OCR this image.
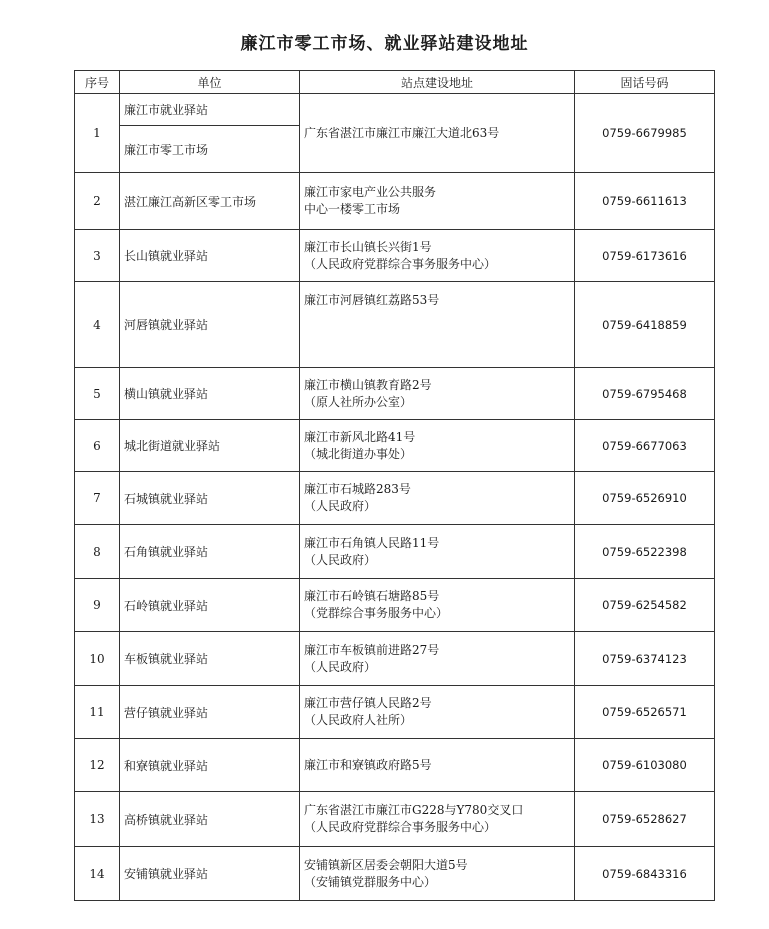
廉江市零工市场、就业驿站建设地址
序号	单位	站点建设地址	固话号码
1	廉江市就业驿站	广东省湛江市廉江市廉江大道北63号	0759-6679985
	廉江市零工市场		
2	湛江廉江高新区零工市场	廉江市家电产业公共服务
中心一楼零工市场	0759-6611613
3	长山镇就业驿站	廉江市长山镇长兴街1号
（人民政府党群综合事务服务中心）	0759-6173616
4	河唇镇就业驿站	廉江市河唇镇红荔路53号	0759-6418859
5	横山镇就业驿站	廉江市横山镇教育路2号
（原人社所办公室）	0759-6795468
6	城北街道就业驿站	廉江市新风北路41号
（城北街道办事处）	0759-6677063
7	石城镇就业驿站	廉江市石城路283号
（人民政府）	0759-6526910
8	石角镇就业驿站	廉江市石角镇人民路11号
（人民政府）	0759-6522398
9	石岭镇就业驿站	廉江市石岭镇石塘路85号
（党群综合事务服务中心）	0759-6254582
10	车板镇就业驿站	廉江市车板镇前进路27号
（人民政府）	0759-6374123
11	营仔镇就业驿站	廉江市营仔镇人民路2号
（人民政府人社所）	0759-6526571
12	和寮镇就业驿站	廉江市和寮镇政府路5号	0759-6103080
13	高桥镇就业驿站	广东省湛江市廉江市G228与Y780交叉口
（人民政府党群综合事务服务中心）	0759-6528627
14	安铺镇就业驿站	安铺镇新区居委会朝阳大道5号
（安铺镇党群服务中心）	0759-6843316
